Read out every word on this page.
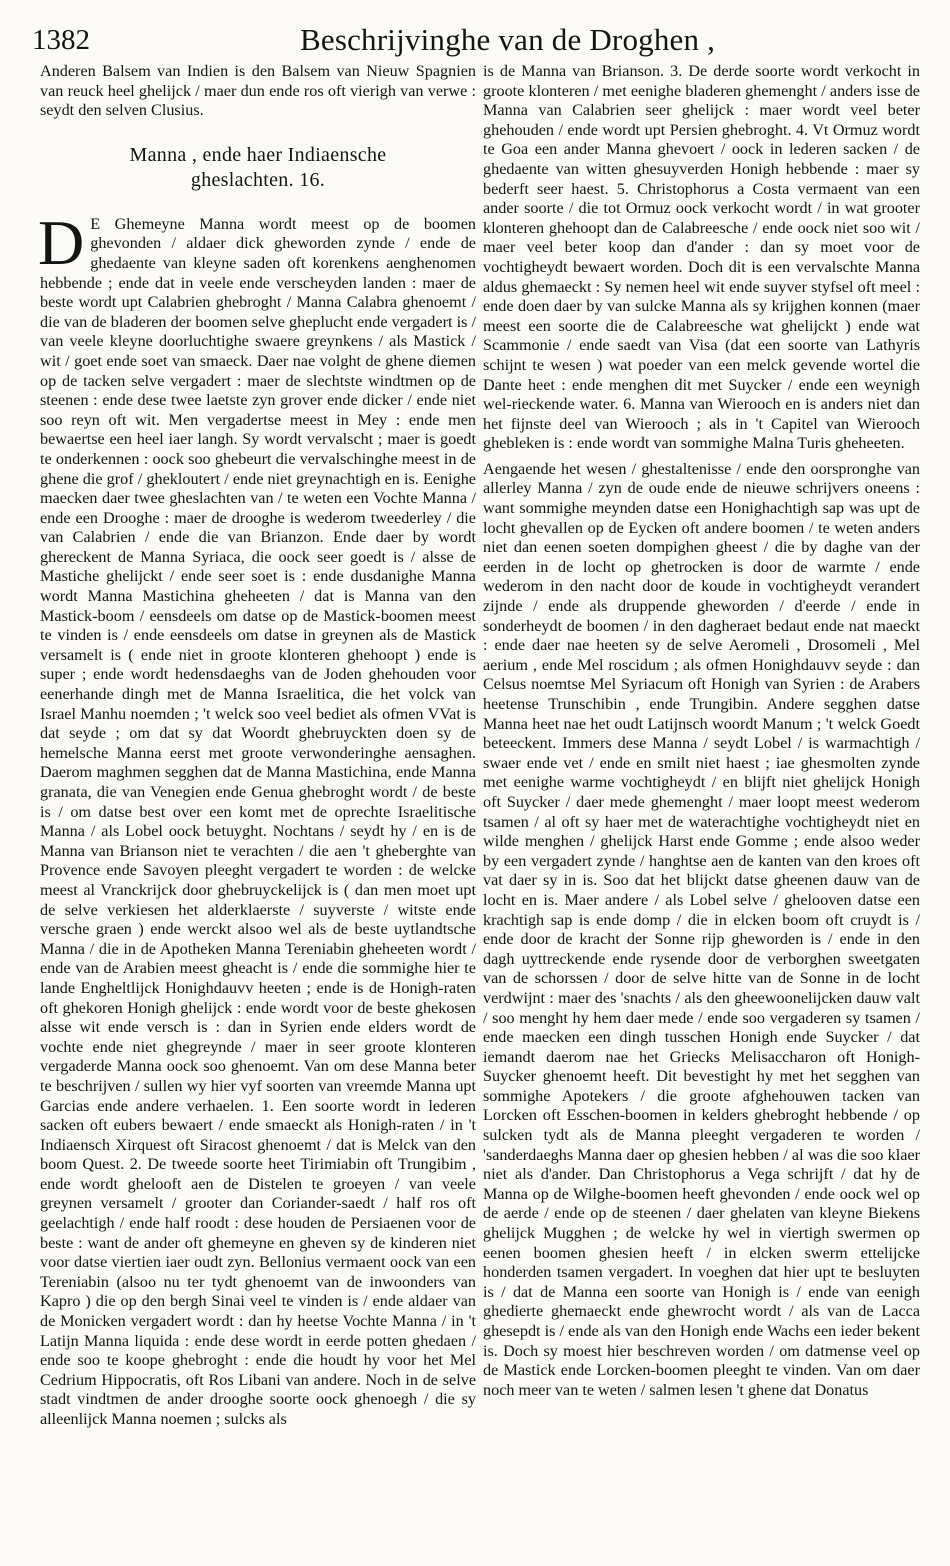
1382	Beschrijvinghe van de Droghen ,

Anderen Balsem van Indien is den Balsem van Nieuw Spagnien van reuck heel ghelijck / maer dun ende ros oft vierigh van verwe : seydt den selven Clusius.

Manna , ende haer Indiaensche
gheslachten. 16.

D E Ghemeyne Manna wordt meest op de boomen ghevonden / aldaer dick gheworden zynde / ende de ghedaente van kleyne saden oft korenkens aenghenomen hebbende ; ende dat in veele ende verscheyden landen : maer de beste wordt upt Calabrien ghebroght / Manna Calabra ghenoemt / die van de bladeren der boomen selve gheplucht ende vergadert is / van veele kleyne doorluchtighe swaere greynkens / als Mastick / wit / goet ende soet van smaeck. Daer nae volght de ghene diemen op de tacken selve vergadert : maer de slechtste windtmen op de steenen : ende dese twee laetste zyn grover ende dicker / ende niet soo reyn oft wit. Men vergadertse meest in Mey : ende men bewaertse een heel iaer langh. Sy wordt vervalscht ; maer is goedt te onderkennen : oock soo ghebeurt die vervalschinghe meest in de ghene die grof / ghekloutert / ende niet greynachtigh en is. Eenighe maecken daer twee gheslachten van / te weten een Vochte Manna / ende een Drooghe : maer de drooghe is wederom tweederley / die van Calabrien / ende die van Brianzon. Ende daer by wordt ghereckent de Manna Syriaca, die oock seer goedt is / alsse de Mastiche ghelijckt / ende seer soet is : ende dusdanighe Manna wordt Manna Mastichina gheheeten / dat is Manna van den Mastick-boom / eensdeels om datse op de Mastick-boomen meest te vinden is / ende eensdeels om datse in greynen als de Mastick versamelt is ( ende niet in groote klonteren ghehoopt ) ende is super ; ende wordt hedensdaeghs van de Joden ghehouden voor eenerhande dingh met de Manna Israelitica, die het volck van Israel Manhu noemden ; 't welck soo veel bediet als ofmen VVat is dat seyde ; om dat sy dat Woordt ghebruyckten doen sy de hemelsche Manna eerst met groote verwonderinghe aensaghen. Daerom maghmen segghen dat de Manna Mastichina, ende Manna granata, die van Venegien ende Genua ghebroght wordt / de beste is / om datse best over een komt met de oprechte Israelitische Manna / als Lobel oock betuyght. Nochtans / seydt hy / en is de Manna van Brianson niet te verachten / die aen 't gheberghte van Provence ende Savoyen pleeght vergadert te worden : de welcke meest al Vranckrijck door ghebruyckelijck is ( dan men moet upt de selve verkiesen het alderklaerste / suyverste / witste ende versche graen ) ende werckt alsoo wel als de beste uytlandtsche Manna / die in de Apotheken Manna Tereniabin gheheeten wordt / ende van de Arabien meest gheacht is / ende die sommighe hier te lande Engheltlijck Honighdauvv heeten ; ende is de Honigh-raten oft ghekoren Honigh ghelijck : ende wordt voor de beste ghekosen alsse wit ende versch is : dan in Syrien ende elders wordt de vochte ende niet ghegreynde / maer in seer groote klonteren vergaderde Manna oock soo ghenoemt. Van om dese Manna beter te beschrijven / sullen wy hier vyf soorten van vreemde Manna upt Garcias ende andere verhaelen. 1. Een soorte wordt in lederen sacken oft eubers bewaert / ende smaeckt als Honigh-raten / in 't Indiaensch Xirquest oft Siracost ghenoemt / dat is Melck van den boom Quest. 2. De tweede soorte heet Tirimiabin oft Trungibim , ende wordt ghelooft aen de Distelen te groeyen / van veele greynen versamelt / grooter dan Coriander-saedt / half ros oft geelachtigh / ende half roodt : dese houden de Persiaenen voor de beste : want de ander oft ghemeyne en gheven sy de kinderen niet voor datse viertien iaer oudt zyn. Bellonius vermaent oock van een Tereniabin (alsoo nu ter tydt ghenoemt van de inwoonders van Kapro ) die op den bergh Sinai veel te vinden is / ende aldaer van de Monicken vergadert wordt : dan hy heetse Vochte Manna / in 't Latijn Manna liquida : ende dese wordt in eerde potten ghedaen / ende soo te koope ghebroght : ende die houdt hy voor het Mel Cedrium Hippocratis, oft Ros Libani van andere. Noch in de selve stadt vindtmen de ander drooghe soorte oock ghenoegh / die sy alleenlijck Manna noemen ; sulcks als

is de Manna van Brianson. 3. De derde soorte wordt verkocht in groote klonteren / met eenighe bladeren ghemenght / anders isse de Manna van Calabrien seer ghelijck : maer wordt veel beter ghehouden / ende wordt upt Persien ghebroght. 4. Vt Ormuz wordt te Goa een ander Manna ghevoert / oock in lederen sacken / de ghedaente van witten ghesuyverden Honigh hebbende : maer sy bederft seer haest. 5. Christophorus a Costa vermaent van een ander soorte / die tot Ormuz oock verkocht wordt / in wat grooter klonteren ghehoopt dan de Calabreesche / ende oock niet soo wit / maer veel beter koop dan d'ander : dan sy moet voor de vochtigheydt bewaert worden. Doch dit is een vervalschte Manna aldus ghemaeckt : Sy nemen heel wit ende suyver styfsel oft meel : ende doen daer by van sulcke Manna als sy krijghen konnen (maer meest een soorte die de Calabreesche wat ghelijckt ) ende wat Scammonie / ende saedt van Visa (dat een soorte van Lathyris schijnt te wesen ) wat poeder van een melck gevende wortel die Dante heet : ende menghen dit met Suycker / ende een weynigh wel-rieckende water. 6. Manna van Wierooch en is anders niet dan het fijnste deel van Wierooch ; als in 't Capitel van Wierooch ghebleken is : ende wordt van sommighe Malna Turis gheheeten.

Aengaende het wesen / ghestaltenisse / ende den oorspronghe van allerley Manna / zyn de oude ende de nieuwe schrijvers oneens : want sommighe meynden datse een Honighachtigh sap was upt de locht ghevallen op de Eycken oft andere boomen / te weten anders niet dan eenen soeten dompighen gheest / die by daghe van der eerden in de locht op ghetrocken is door de warmte / ende wederom in den nacht door de koude in vochtigheydt verandert zijnde / ende als druppende gheworden / d'eerde / ende in sonderheydt de boomen / in den dagheraet bedaut ende nat maeckt : ende daer nae heeten sy de selve Aeromeli , Drosomeli , Mel aerium , ende Mel roscidum ; als ofmen Honighdauvv seyde : dan Celsus noemtse Mel Syriacum oft Honigh van Syrien : de Arabers heetense Trunschibin , ende Trungibin. Andere segghen datse Manna heet nae het oudt Latijnsch woordt Manum ; 't welck Goedt beteeckent. Immers dese Manna / seydt Lobel / is warmachtigh / swaer ende vet / ende en smilt niet haest ; iae ghesmolten zynde met eenighe warme vochtigheydt / en blijft niet ghelijck Honigh oft Suycker / daer mede ghemenght / maer loopt meest wederom tsamen / al oft sy haer met de waterachtighe vochtigheydt niet en wilde menghen / ghelijck Harst ende Gomme ; ende alsoo weder by een vergadert zynde / hanghtse aen de kanten van den kroes oft vat daer sy in is. Soo dat het blijckt datse gheenen dauw van de locht en is. Maer andere / als Lobel selve / ghelooven datse een krachtigh sap is ende domp / die in elcken boom oft cruydt is / ende door de kracht der Sonne rijp gheworden is / ende in den dagh uyttreckende ende rysende door de verborghen sweetgaten van de schorssen / door de selve hitte van de Sonne in de locht verdwijnt : maer des 'snachts / als den gheewoonelijcken dauw valt / soo menght hy hem daer mede / ende soo vergaderen sy tsamen / ende maecken een dingh tusschen Honigh ende Suycker / dat iemandt daerom nae het Griecks Melisaccharon oft Honigh-Suycker ghenoemt heeft. Dit bevestight hy met het segghen van sommighe Apotekers / die groote afghehouwen tacken van Lorcken oft Esschen-boomen in kelders ghebroght hebbende / op sulcken tydt als de Manna pleeght vergaderen te worden / 'sanderdaeghs Manna daer op ghesien hebben / al was die soo klaer niet als d'ander. Dan Christophorus a Vega schrijft / dat hy de Manna op de Wilghe-boomen heeft ghevonden / ende oock wel op de aerde / ende op de steenen / daer ghelaten van kleyne Biekens ghelijck Mugghen ; de welcke hy wel in viertigh swermen op eenen boomen ghesien heeft / in elcken swerm ettelijcke honderden tsamen vergadert. In voeghen dat hier upt te besluyten is / dat de Manna een soorte van Honigh is / ende van eenigh ghedierte ghemaeckt ende ghewrocht wordt / als van de Lacca ghesepdt is / ende als van den Honigh ende Wachs een ieder bekent is. Doch sy moest hier beschreven worden / om datmense veel op de Mastick ende Lorcken-boomen pleeght te vinden. Van om daer noch meer van te weten / salmen lesen 't ghene dat Donatus
